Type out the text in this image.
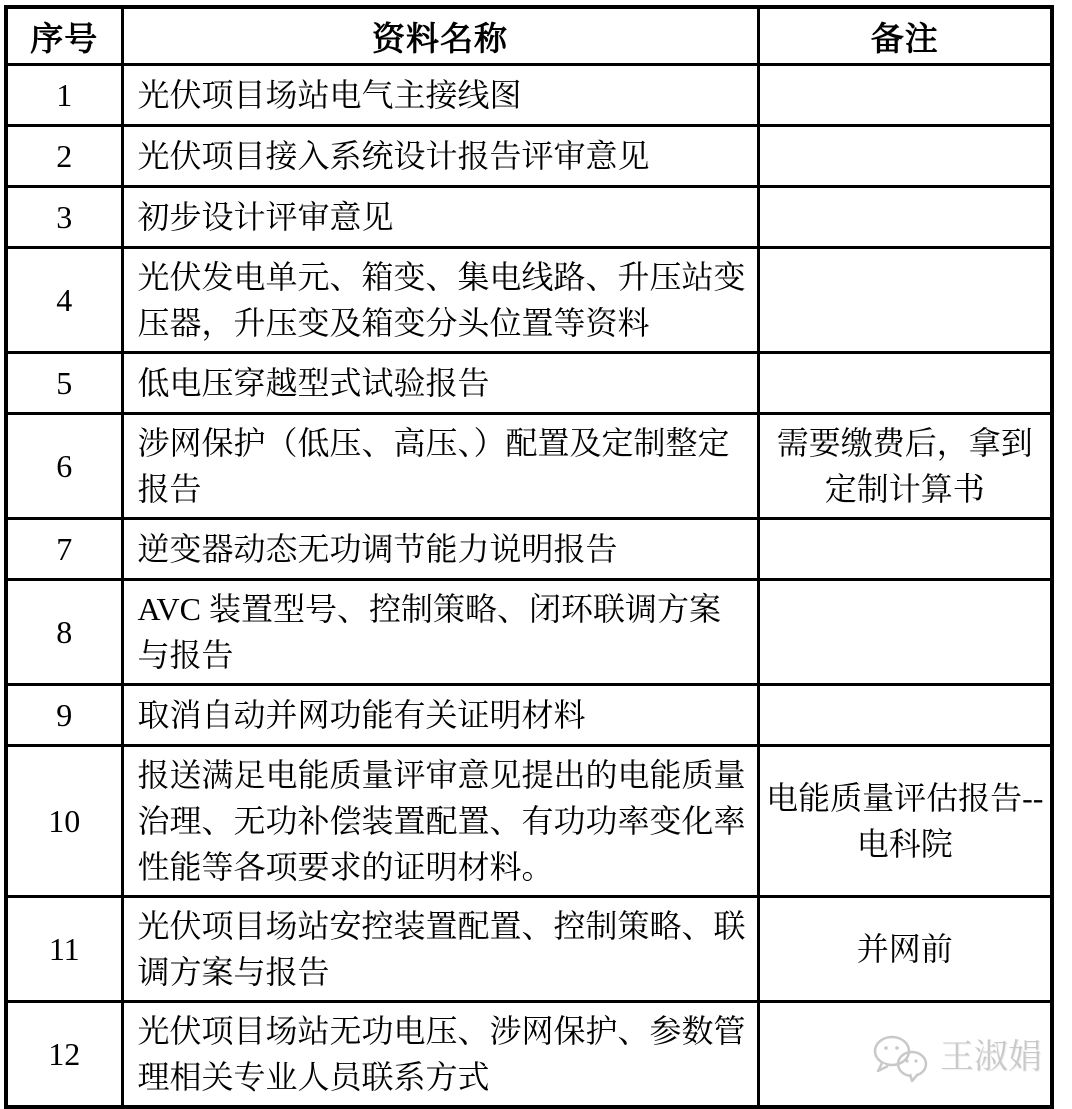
序号	资料名称	备注
1	光伏项目场站电气主接线图	
2	光伏项目接入系统设计报告评审意见	
3	初步设计评审意见	
4	光伏发电单元、箱变、集电线路、升压站变压器，升压变及箱变分头位置等资料	
5	低电压穿越型式试验报告	
6	涉网保护（低压、高压、）配置及定制整定报告	需要缴费后，拿到定制计算书
7	逆变器动态无功调节能力说明报告	
8	AVC 装置型号、控制策略、闭环联调方案与报告	
9	取消自动并网功能有关证明材料	
10	报送满足电能质量评审意见提出的电能质量治理、无功补偿装置配置、有功功率变化率性能等各项要求的证明材料。	电能质量评估报告--电科院
11	光伏项目场站安控装置配置、控制策略、联调方案与报告	并网前
12	光伏项目场站无功电压、涉网保护、参数管理相关专业人员联系方式	王淑娟
